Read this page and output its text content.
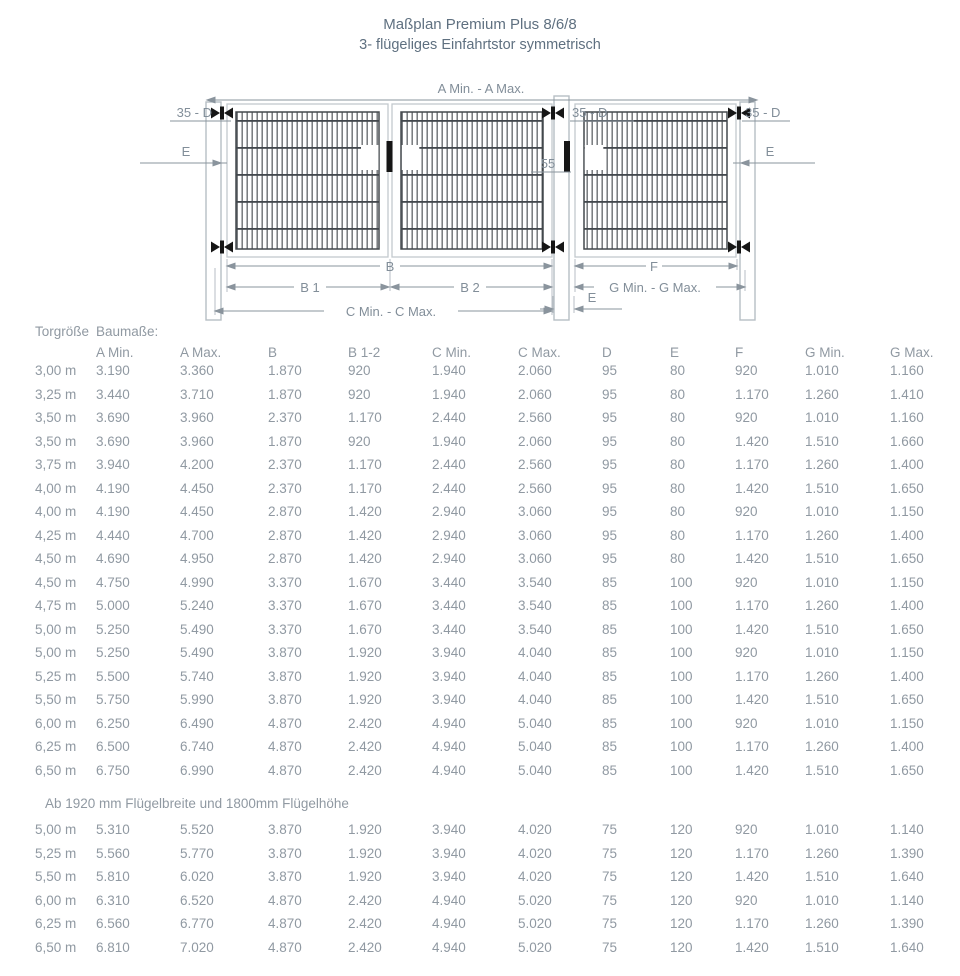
Maßplan Premium Plus 8/6/8
3- flügeliges Einfahrtstor symmetrisch
A Min. - A Max.
35 - D	35 - D	35 - D
E	E
55
B	F
B 1	B 2	G Min. - G Max.
C Min. - C Max.
E
Torgröße Baumaße:
A Min.	A Max.	B	B 1-2	C Min.	C Max.	D	E	F	G Min.	G Max.
3,00 m	3.190	3.360	1.870	920	1.940	2.060	95	80	920	1.010	1.160
3,25 m	3.440	3.710	1.870	920	1.940	2.060	95	80	1.170	1.260	1.410
3,50 m	3.690	3.960	2.370	1.170	2.440	2.560	95	80	920	1.010	1.160
3,50 m	3.690	3.960	1.870	920	1.940	2.060	95	80	1.420	1.510	1.660
3,75 m	3.940	4.200	2.370	1.170	2.440	2.560	95	80	1.170	1.260	1.400
4,00 m	4.190	4.450	2.370	1.170	2.440	2.560	95	80	1.420	1.510	1.650
4,00 m	4.190	4.450	2.870	1.420	2.940	3.060	95	80	920	1.010	1.150
4,25 m	4.440	4.700	2.870	1.420	2.940	3.060	95	80	1.170	1.260	1.400
4,50 m	4.690	4.950	2.870	1.420	2.940	3.060	95	80	1.420	1.510	1.650
4,50 m	4.750	4.990	3.370	1.670	3.440	3.540	85	100	920	1.010	1.150
4,75 m	5.000	5.240	3.370	1.670	3.440	3.540	85	100	1.170	1.260	1.400
5,00 m	5.250	5.490	3.370	1.670	3.440	3.540	85	100	1.420	1.510	1.650
5,00 m	5.250	5.490	3.870	1.920	3.940	4.040	85	100	920	1.010	1.150
5,25 m	5.500	5.740	3.870	1.920	3.940	4.040	85	100	1.170	1.260	1.400
5,50 m	5.750	5.990	3.870	1.920	3.940	4.040	85	100	1.420	1.510	1.650
6,00 m	6.250	6.490	4.870	2.420	4.940	5.040	85	100	920	1.010	1.150
6,25 m	6.500	6.740	4.870	2.420	4.940	5.040	85	100	1.170	1.260	1.400
6,50 m	6.750	6.990	4.870	2.420	4.940	5.040	85	100	1.420	1.510	1.650
Ab 1920 mm Flügelbreite und 1800mm Flügelhöhe
5,00 m	5.310	5.520	3.870	1.920	3.940	4.020	75	120	920	1.010	1.140
5,25 m	5.560	5.770	3.870	1.920	3.940	4.020	75	120	1.170	1.260	1.390
5,50 m	5.810	6.020	3.870	1.920	3.940	4.020	75	120	1.420	1.510	1.640
6,00 m	6.310	6.520	4.870	2.420	4.940	5.020	75	120	920	1.010	1.140
6,25 m	6.560	6.770	4.870	2.420	4.940	5.020	75	120	1.170	1.260	1.390
6,50 m	6.810	7.020	4.870	2.420	4.940	5.020	75	120	1.420	1.510	1.640
